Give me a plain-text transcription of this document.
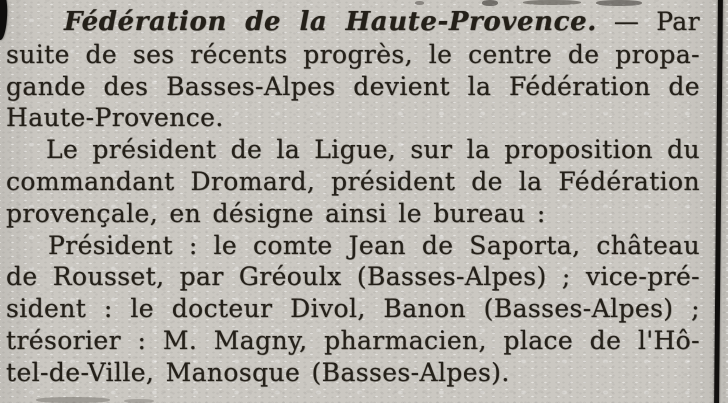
Fédération de la Haute-Provence. — Par
suite de ses récents progrès, le centre de propa-
gande des Basses-Alpes devient la Fédération de
Haute-Provence.
Le président de la Ligue, sur la proposition du
commandant Dromard, président de la Fédération
provençale, en désigne ainsi le bureau :
Président : le comte Jean de Saporta, château
de Rousset, par Gréoulx (Basses-Alpes) ; vice-pré-
sident : le docteur Divol, Banon (Basses-Alpes) ;
trésorier : M. Magny, pharmacien, place de l'Hô-
tel-de-Ville, Manosque (Basses-Alpes).
